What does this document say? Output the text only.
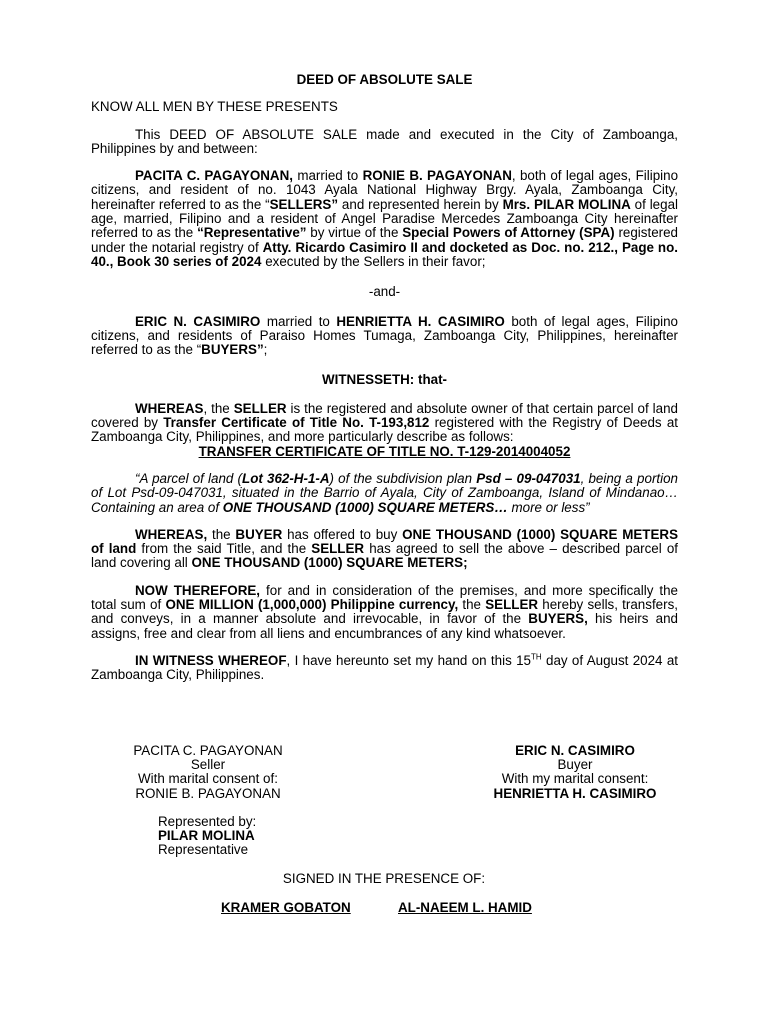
DEED OF ABSOLUTE SALE

KNOW ALL MEN BY THESE PRESENTS

This DEED OF ABSOLUTE SALE made and executed in the City of Zamboanga, Philippines by and between:

PACITA C. PAGAYONAN, married to RONIE B. PAGAYONAN, both of legal ages, Filipino citizens, and resident of no. 1043 Ayala National Highway Brgy. Ayala, Zamboanga City, hereinafter referred to as the “SELLERS” and represented herein by Mrs. PILAR MOLINA of legal age, married, Filipino and a resident of Angel Paradise Mercedes Zamboanga City hereinafter referred to as the “Representative” by virtue of the Special Powers of Attorney (SPA) registered under the notarial registry of Atty. Ricardo Casimiro II and docketed as Doc. no. 212., Page no. 40., Book 30 series of 2024 executed by the Sellers in their favor;

-and-

ERIC N. CASIMIRO married to HENRIETTA H. CASIMIRO both of legal ages, Filipino citizens, and residents of Paraiso Homes Tumaga, Zamboanga City, Philippines, hereinafter referred to as the “BUYERS”;

WITNESSETH: that-

WHEREAS, the SELLER is the registered and absolute owner of that certain parcel of land covered by Transfer Certificate of Title No. T-193,812 registered with the Registry of Deeds at Zamboanga City, Philippines, and more particularly describe as follows:

TRANSFER CERTIFICATE OF TITLE NO. T-129-2014004052

“A parcel of land (Lot 362-H-1-A) of the subdivision plan Psd – 09-047031, being a portion of Lot Psd-09-047031, situated in the Barrio of Ayala, City of Zamboanga, Island of Mindanao… Containing an area of ONE THOUSAND (1000) SQUARE METERS… more or less”

WHEREAS, the BUYER has offered to buy ONE THOUSAND (1000) SQUARE METERS of land from the said Title, and the SELLER has agreed to sell the above – described parcel of land covering all ONE THOUSAND (1000) SQUARE METERS;

NOW THEREFORE, for and in consideration of the premises, and more specifically the total sum of ONE MILLION (1,000,000) Philippine currency, the SELLER hereby sells, transfers, and conveys, in a manner absolute and irrevocable, in favor of the BUYERS, his heirs and assigns, free and clear from all liens and encumbrances of any kind whatsoever.

IN WITNESS WHEREOF, I have hereunto set my hand on this 15TH day of August 2024 at Zamboanga City, Philippines.

PACITA C. PAGAYONAN
Seller
With marital consent of:
RONIE B. PAGAYONAN
ERIC N. CASIMIRO
Buyer
With my marital consent:
HENRIETTA H. CASIMIRO
Represented by:
PILAR MOLINA
Representative
SIGNED IN THE PRESENCE OF:
KRAMER GOBATON	AL-NAEEM L. HAMID
